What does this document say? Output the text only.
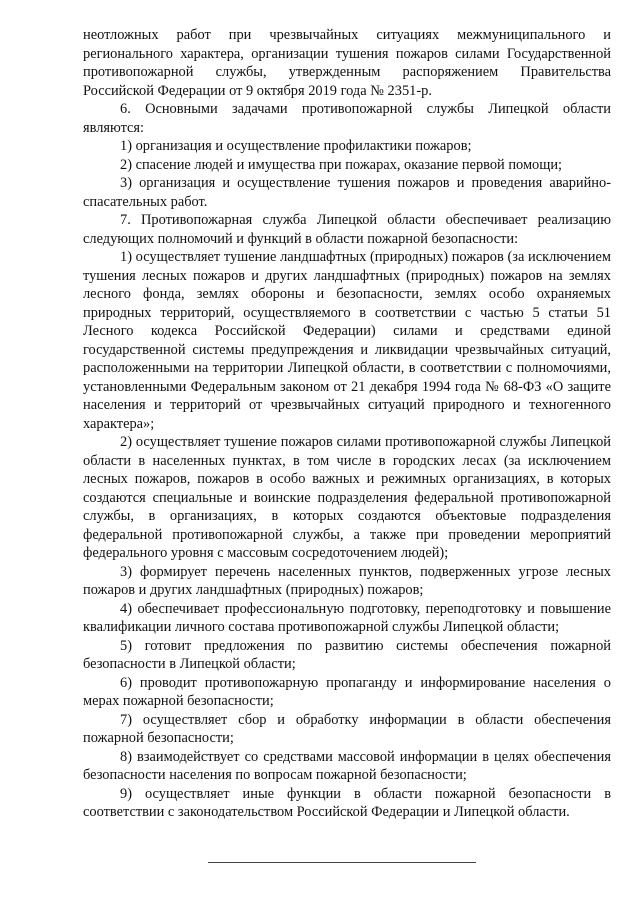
неотложных работ при чрезвычайных ситуациях межмуниципального и регионального характера, организации тушения пожаров силами Государственной противопожарной службы, утвержденным распоряжением Правительства Российской Федерации от 9 октября 2019 года № 2351-р.

6. Основными задачами противопожарной службы Липецкой области являются:

1) организация и осуществление профилактики пожаров;

2) спасение людей и имущества при пожарах, оказание первой помощи;

3) организация и осуществление тушения пожаров и проведения аварийно-спасательных работ.

7. Противопожарная служба Липецкой области обеспечивает реализацию следующих полномочий и функций в области пожарной безопасности:

1) осуществляет тушение ландшафтных (природных) пожаров (за исключением тушения лесных пожаров и других ландшафтных (природных) пожаров на землях лесного фонда, землях обороны и безопасности, землях особо охраняемых природных территорий, осуществляемого в соответствии с частью 5 статьи 51 Лесного кодекса Российской Федерации) силами и средствами единой государственной системы предупреждения и ликвидации чрезвычайных ситуаций, расположенными на территории Липецкой области, в соответствии с полномочиями, установленными Федеральным законом от 21 декабря 1994 года № 68-ФЗ «О защите населения и территорий от чрезвычайных ситуаций природного и техногенного характера»;

2) осуществляет тушение пожаров силами противопожарной службы Липецкой области в населенных пунктах, в том числе в городских лесах (за исключением лесных пожаров, пожаров в особо важных и режимных организациях, в которых создаются специальные и воинские подразделения федеральной противопожарной службы, в организациях, в которых создаются объектовые подразделения федеральной противопожарной службы, а также при проведении мероприятий федерального уровня с массовым сосредоточением людей);

3) формирует перечень населенных пунктов, подверженных угрозе лесных пожаров и других ландшафтных (природных) пожаров;

4) обеспечивает профессиональную подготовку, переподготовку и повышение квалификации личного состава противопожарной службы Липецкой области;

5) готовит предложения по развитию системы обеспечения пожарной безопасности в Липецкой области;

6) проводит противопожарную пропаганду и информирование населения о мерах пожарной безопасности;

7) осуществляет сбор и обработку информации в области обеспечения пожарной безопасности;

8) взаимодействует со средствами массовой информации в целях обеспечения безопасности населения по вопросам пожарной безопасности;

9) осуществляет иные функции в области пожарной безопасности в соответствии с законодательством Российской Федерации и Липецкой области.
